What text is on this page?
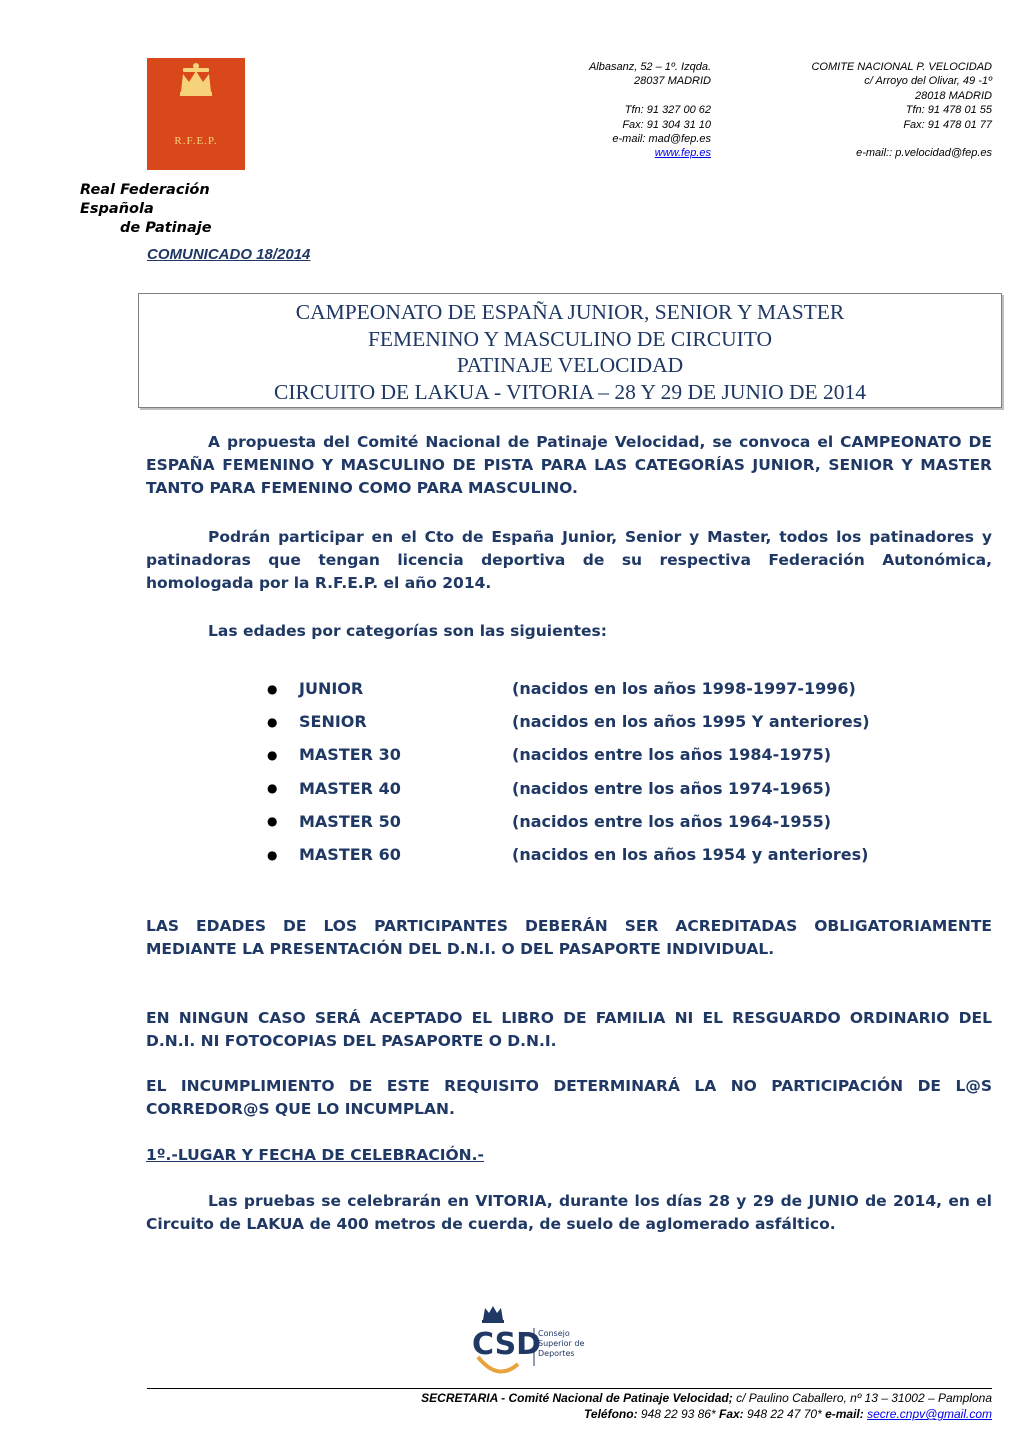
R.F.E.P.
Real Federación Española
de Patinaje
Albasanz, 52 – 1º. Izqda.
28037 MADRID
Tfn: 91 327 00 62
Fax: 91 304 31 10
e-mail: mad@fep.es
www.fep.es
COMITE NACIONAL P. VELOCIDAD
c/ Arroyo del Olivar, 49 -1º
28018 MADRID
Tfn: 91 478 01 55
Fax: 91 478 01 77
e-mail:: p.velocidad@fep.es
COMUNICADO 18/2014
CAMPEONATO DE ESPAÑA JUNIOR, SENIOR Y MASTER
FEMENINO Y MASCULINO DE CIRCUITO
PATINAJE VELOCIDAD
CIRCUITO DE LAKUA - VITORIA – 28 Y 29 DE JUNIO DE 2014

A propuesta del Comité Nacional de Patinaje Velocidad, se convoca el CAMPEONATO DE ESPAÑA FEMENINO Y MASCULINO DE PISTA PARA LAS CATEGORÍAS JUNIOR, SENIOR Y MASTER TANTO PARA FEMENINO COMO PARA MASCULINO.

Podrán participar en el Cto de España Junior, Senior y Master, todos los patinadores y patinadoras que tengan licencia deportiva de su respectiva Federación Autonómica, homologada por la R.F.E.P. el año 2014.

Las edades por categorías son las siguientes:

●	JUNIOR	(nacidos en los años 1998-1997-1996)
●	SENIOR	(nacidos en los años 1995 Y anteriores)
●	MASTER 30	(nacidos entre los años 1984-1975)
●	MASTER 40	(nacidos entre los años 1974-1965)
●	MASTER 50	(nacidos entre los años 1964-1955)
●	MASTER 60	(nacidos en los años 1954 y anteriores)

LAS EDADES DE LOS PARTICIPANTES DEBERÁN SER ACREDITADAS OBLIGATORIAMENTE MEDIANTE LA PRESENTACIÓN DEL D.N.I. O DEL PASAPORTE INDIVIDUAL.

EN NINGUN CASO SERÁ ACEPTADO EL LIBRO DE FAMILIA NI EL RESGUARDO ORDINARIO DEL D.N.I. NI FOTOCOPIAS DEL PASAPORTE O D.N.I.

EL INCUMPLIMIENTO DE ESTE REQUISITO DETERMINARÁ LA NO PARTICIPACIÓN DE L@S CORREDOR@S QUE LO INCUMPLAN.

1º.-LUGAR Y FECHA DE CELEBRACIÓN.-

Las pruebas se celebrarán en VITORIA, durante los días 28 y 29 de JUNIO de 2014, en el Circuito de LAKUA de 400 metros de cuerda, de suelo de aglomerado asfáltico.

CSD
Consejo
Superior de
Deportes
SECRETARIA - Comité Nacional de Patinaje Velocidad; c/ Paulino Caballero, nº 13 – 31002 – Pamplona
Teléfono: 948 22 93 86* Fax: 948 22 47 70* e-mail: secre.cnpv@gmail.com
